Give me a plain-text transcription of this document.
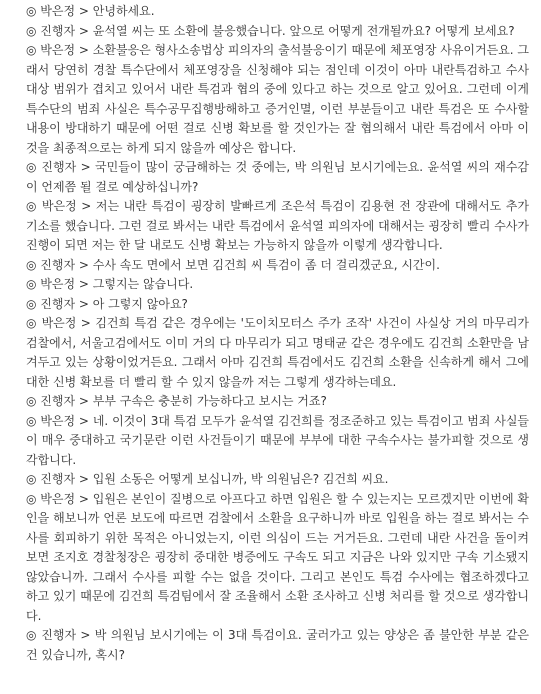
◎ 박은정 > 안녕하세요.

◎ 진행자 > 윤석열 씨는 또 소환에 불응했습니다. 앞으로 어떻게 전개될까요? 어떻게 보세요?

◎ 박은정 > 소환불응은 형사소송법상 피의자의 출석불응이기 때문에 체포영장 사유이거든요. 그래서 당연히 경찰 특수단에서 체포영장을 신청해야 되는 점인데 이것이 아마 내란특검하고 수사 대상 범위가 겹치고 있어서 내란 특검과 협의 중에 있다고 하는 것으로 알고 있어요. 그런데 이게 특수단의 범죄 사실은 특수공무집행방해하고 증거인멸, 이런 부분들이고 내란 특검은 또 수사할 내용이 방대하기 때문에 어떤 걸로 신병 확보를 할 것인가는 잘 협의해서 내란 특검에서 아마 이것을 최종적으로는 하게 되지 않을까 예상은 합니다.

◎ 진행자 > 국민들이 많이 궁금해하는 것 중에는, 박 의원님 보시기에는요. 윤석열 씨의 재수감이 언제쯤 될 걸로 예상하십니까?

◎ 박은정 > 저는 내란 특검이 굉장히 발빠르게 조은석 특검이 김용현 전 장관에 대해서도 추가 기소를 했습니다. 그런 걸로 봐서는 내란 특검에서 윤석열 피의자에 대해서는 굉장히 빨리 수사가 진행이 되면 저는 한 달 내로도 신병 확보는 가능하지 않을까 이렇게 생각합니다.

◎ 진행자 > 수사 속도 면에서 보면 김건희 씨 특검이 좀 더 걸리겠군요, 시간이.

◎ 박은정 > 그렇지는 않습니다.

◎ 진행자 > 아 그렇지 않아요?

◎ 박은정 > 김건희 특검 같은 경우에는 '도이치모터스 주가 조작' 사건이 사실상 거의 마무리가 검찰에서, 서울고검에서도 이미 거의 다 마무리가 되고 명태균 같은 경우에도 김건희 소환만을 남겨두고 있는 상황이었거든요. 그래서 아마 김건희 특검에서도 김건희 소환을 신속하게 해서 그에 대한 신병 확보를 더 빨리 할 수 있지 않을까 저는 그렇게 생각하는데요.

◎ 진행자 > 부부 구속은 충분히 가능하다고 보시는 거죠?

◎ 박은정 > 네. 이것이 3대 특검 모두가 윤석열 김건희를 정조준하고 있는 특검이고 범죄 사실들이 매우 중대하고 국기문란 이런 사건들이기 때문에 부부에 대한 구속수사는 불가피할 것으로 생각합니다.

◎ 진행자 > 입원 소동은 어떻게 보십니까, 박 의원님은? 김건희 씨요.

◎ 박은정 > 입원은 본인이 질병으로 아프다고 하면 입원은 할 수 있는지는 모르겠지만 이번에 확인을 해보니까 언론 보도에 따르면 검찰에서 소환을 요구하니까 바로 입원을 하는 걸로 봐서는 수사를 회피하기 위한 목적은 아니었는지, 이런 의심이 드는 거거든요. 그런데 내란 사건을 돌이켜보면 조지호 경찰청장은 굉장히 중대한 병증에도 구속도 되고 지금은 나와 있지만 구속 기소됐지 않았습니까. 그래서 수사를 피할 수는 없을 것이다. 그리고 본인도 특검 수사에는 협조하겠다고 하고 있기 때문에 김건희 특검팀에서 잘 조율해서 소환 조사하고 신병 처리를 할 것으로 생각합니다.

◎ 진행자 > 박 의원님 보시기에는 이 3대 특검이요. 굴러가고 있는 양상은 좀 불안한 부분 같은 건 있습니까, 혹시?
